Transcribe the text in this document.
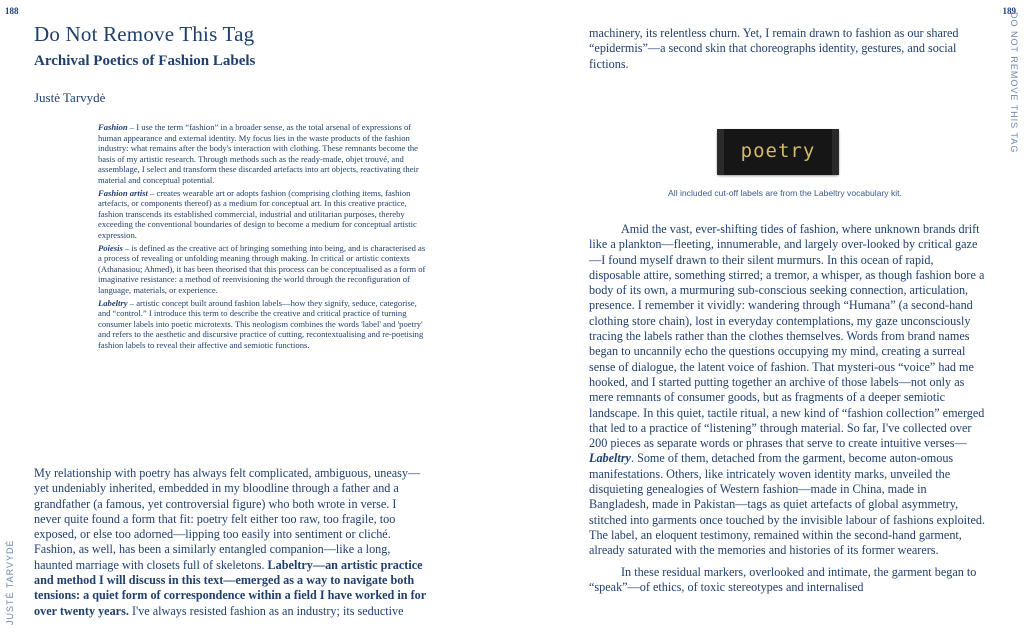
188	189
Do Not Remove This Tag
Archival Poetics of Fashion Labels
Justė Tarvydė

Fashion – I use the term “fashion” in a broader sense, as the total arsenal of expressions of human appearance and external identity. My focus lies in the waste products of the fashion industry: what remains after the body's interaction with clothing. These remnants become the basis of my artistic research. Through methods such as the ready-made, objet trouvé, and assemblage, I select and transform these discarded artefacts into art objects, reactivating their material and conceptual potential.

Fashion artist – creates wearable art or adopts fashion (comprising clothing items, fashion artefacts, or components thereof) as a medium for conceptual art. In this creative practice, fashion transcends its established commercial, industrial and utilitarian purposes, thereby exceeding the conventional boundaries of design to become a medium for conceptual artistic expression.

Poiesis – is defined as the creative act of bringing something into being, and is characterised as a process of revealing or unfolding meaning through making. In critical or artistic contexts (Athanasiou; Ahmed), it has been theorised that this process can be conceptualised as a form of imaginative resistance: a method of reenvisioning the world through the reconfiguration of language, materials, or experience.

Labeltry – artistic concept built around fashion labels—how they signify, seduce, categorise, and “control.” I introduce this term to describe the creative and critical practice of turning consumer labels into poetic microtexts. This neologism combines the words 'label' and 'poetry' and refers to the aesthetic and discursive practice of cutting, recontextualising and re-poetising fashion labels to reveal their affective and semiotic functions.

My relationship with poetry has always felt complicated, ambiguous, uneasy—yet undeniably inherited, embedded in my bloodline through a father and a grandfather (a famous, yet controversial figure) who both wrote in verse. I never quite found a form that fit: poetry felt either too raw, too fragile, too exposed, or else too adorned—lipping too easily into sentiment or cliché. Fashion, as well, has been a similarly entangled companion—like a long, haunted marriage with closets full of skeletons. Labeltry—an artistic practice and method I will discuss in this text—emerged as a way to navigate both tensions: a quiet form of correspondence within a field I have worked in for over twenty years. I've always resisted fashion as an industry; its seductive
JUSTĖ TARVYDĖ
DO NOT REMOVE THIS TAG
machinery, its relentless churn. Yet, I remain drawn to fashion as our shared “epidermis”—a second skin that choreographs identity, gestures, and social fictions.
poetry
All included cut-off labels are from the Labeltry vocabulary kit.

Amid the vast, ever-shifting tides of fashion, where unknown brands drift like a plankton—fleeting, innumerable, and largely over-looked by critical gaze—I found myself drawn to their silent murmurs. In this ocean of rapid, disposable attire, something stirred; a tremor, a whisper, as though fashion bore a body of its own, a murmuring sub-conscious seeking connection, articulation, presence. I remember it vividly: wandering through “Humana” (a second-hand clothing store chain), lost in everyday contemplations, my gaze unconsciously tracing the labels rather than the clothes themselves. Words from brand names began to uncannily echo the questions occupying my mind, creating a surreal sense of dialogue, the latent voice of fashion. That mysteri-ous “voice” had me hooked, and I started putting together an archive of those labels—not only as mere remnants of consumer goods, but as fragments of a deeper semiotic landscape. In this quiet, tactile ritual, a new kind of “fashion collection” emerged that led to a practice of “listening” through material. So far, I've collected over 200 pieces as separate words or phrases that serve to create intuitive verses—Labeltry. Some of them, detached from the garment, become auton-omous manifestations. Others, like intricately woven identity marks, unveiled the disquieting genealogies of Western fashion—made in China, made in Bangladesh, made in Pakistan—tags as quiet artefacts of global asymmetry, stitched into garments once touched by the invisible labour of fashions exploited. The label, an eloquent testimony, remained within the second-hand garment, already saturated with the memories and histories of its former wearers.

In these residual markers, overlooked and intimate, the garment began to “speak”—of ethics, of toxic stereotypes and internalised
